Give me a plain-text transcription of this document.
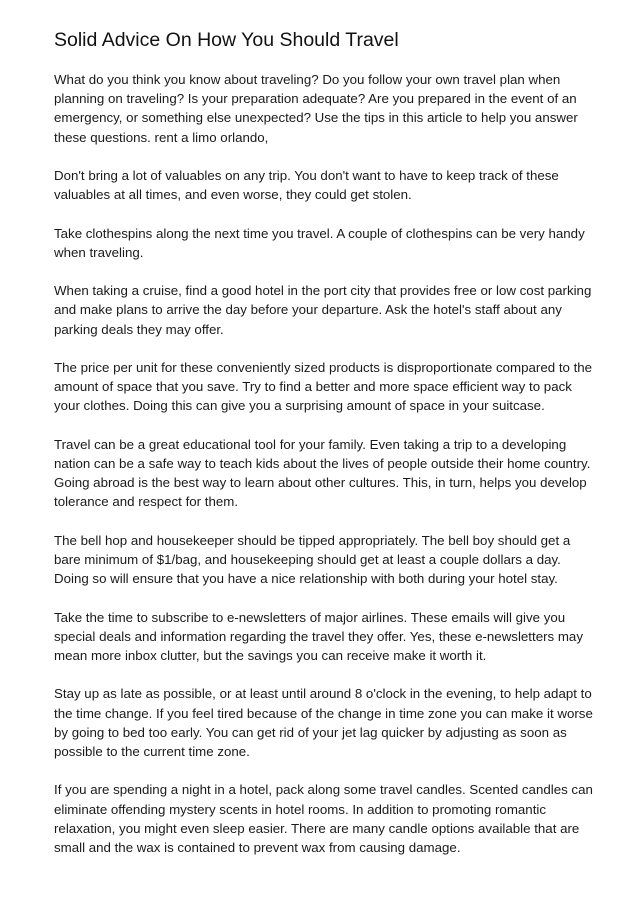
Solid Advice On How You Should Travel

What do you think you know about traveling? Do you follow your own travel plan when planning on traveling? Is your preparation adequate? Are you prepared in the event of an emergency, or something else unexpected? Use the tips in this article to help you answer these questions. rent a limo orlando,

Don't bring a lot of valuables on any trip. You don't want to have to keep track of these valuables at all times, and even worse, they could get stolen.

Take clothespins along the next time you travel. A couple of clothespins can be very handy when traveling.

When taking a cruise, find a good hotel in the port city that provides free or low cost parking and make plans to arrive the day before your departure. Ask the hotel's staff about any parking deals they may offer.

The price per unit for these conveniently sized products is disproportionate compared to the amount of space that you save. Try to find a better and more space efficient way to pack your clothes. Doing this can give you a surprising amount of space in your suitcase.

Travel can be a great educational tool for your family. Even taking a trip to a developing nation can be a safe way to teach kids about the lives of people outside their home country. Going abroad is the best way to learn about other cultures. This, in turn, helps you develop tolerance and respect for them.

The bell hop and housekeeper should be tipped appropriately. The bell boy should get a bare minimum of $1/bag, and housekeeping should get at least a couple dollars a day. Doing so will ensure that you have a nice relationship with both during your hotel stay.

Take the time to subscribe to e-newsletters of major airlines. These emails will give you special deals and information regarding the travel they offer. Yes, these e-newsletters may mean more inbox clutter, but the savings you can receive make it worth it.

Stay up as late as possible, or at least until around 8 o'clock in the evening, to help adapt to the time change. If you feel tired because of the change in time zone you can make it worse by going to bed too early. You can get rid of your jet lag quicker by adjusting as soon as possible to the current time zone.

If you are spending a night in a hotel, pack along some travel candles. Scented candles can eliminate offending mystery scents in hotel rooms. In addition to promoting romantic relaxation, you might even sleep easier. There are many candle options available that are small and the wax is contained to prevent wax from causing damage.
